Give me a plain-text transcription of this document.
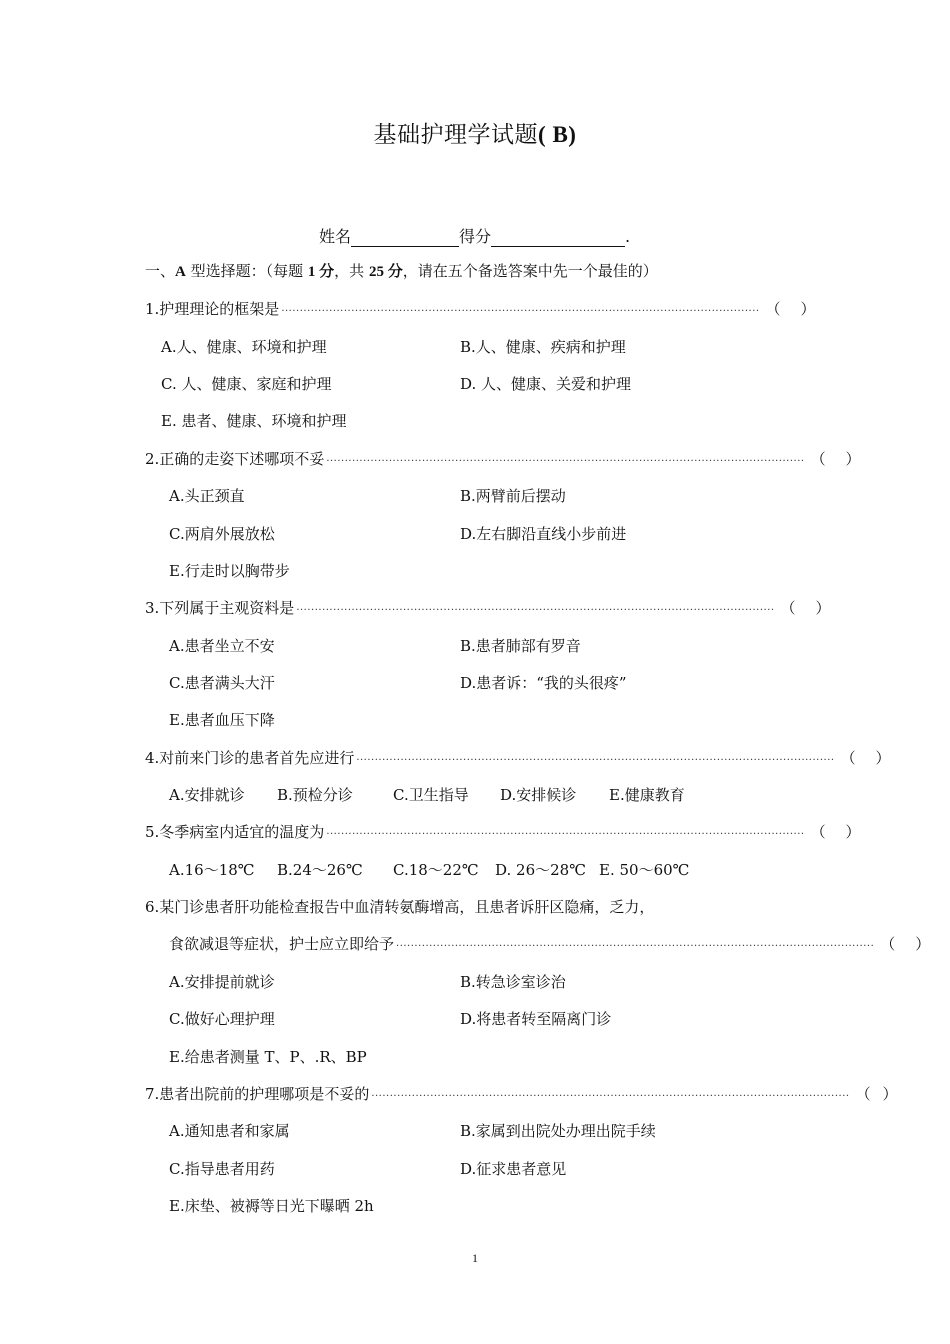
基础护理学试题( B)
姓名	得分	.
一、A 型选择题：（每题 1 分，共 25 分，请在五个备选答案中先一个最佳的）
1.护理理论的框架是 ·································································································································· （ ）
A.人、健康、环境和护理	B.人、健康、疾病和护理
C. 人、健康、家庭和护理	D. 人、健康、关爱和护理
E. 患者、健康、环境和护理
2.正确的走姿下述哪项不妥 ·································································································································· （ ）
A.头正颈直	B.两臂前后摆动
C.两肩外展放松	D.左右脚沿直线小步前进
E.行走时以胸带步
3.下列属于主观资料是 ·································································································································· （ ）
A.患者坐立不安	B.患者肺部有罗音
C.患者满头大汗	D.患者诉：“我的头很疼”
E.患者血压下降
4.对前来门诊的患者首先应进行 ·································································································································· （ ）
A.安排就诊 B.预检分诊	C.卫生指导 D.安排候诊 E.健康教育
5.冬季病室内适宜的温度为 ·································································································································· （ ）
A.16～18℃ B.24～26℃ C.18～22℃ D. 26～28℃ E. 50～60℃
6.某门诊患者肝功能检查报告中血清转氨酶增高，且患者诉肝区隐痛，乏力，
食欲减退等症状，护士应立即给予 ·································································································································· （ ）
A.安排提前就诊	B.转急诊室诊治
C.做好心理护理	D.将患者转至隔离门诊
E.给患者测量 T、P、.R、BP
7.患者出院前的护理哪项是不妥的 ·································································································································· （ ）
A.通知患者和家属	B.家属到出院处办理出院手续
C.指导患者用药	D.征求患者意见
E.床垫、被褥等日光下曝晒 2h
1
